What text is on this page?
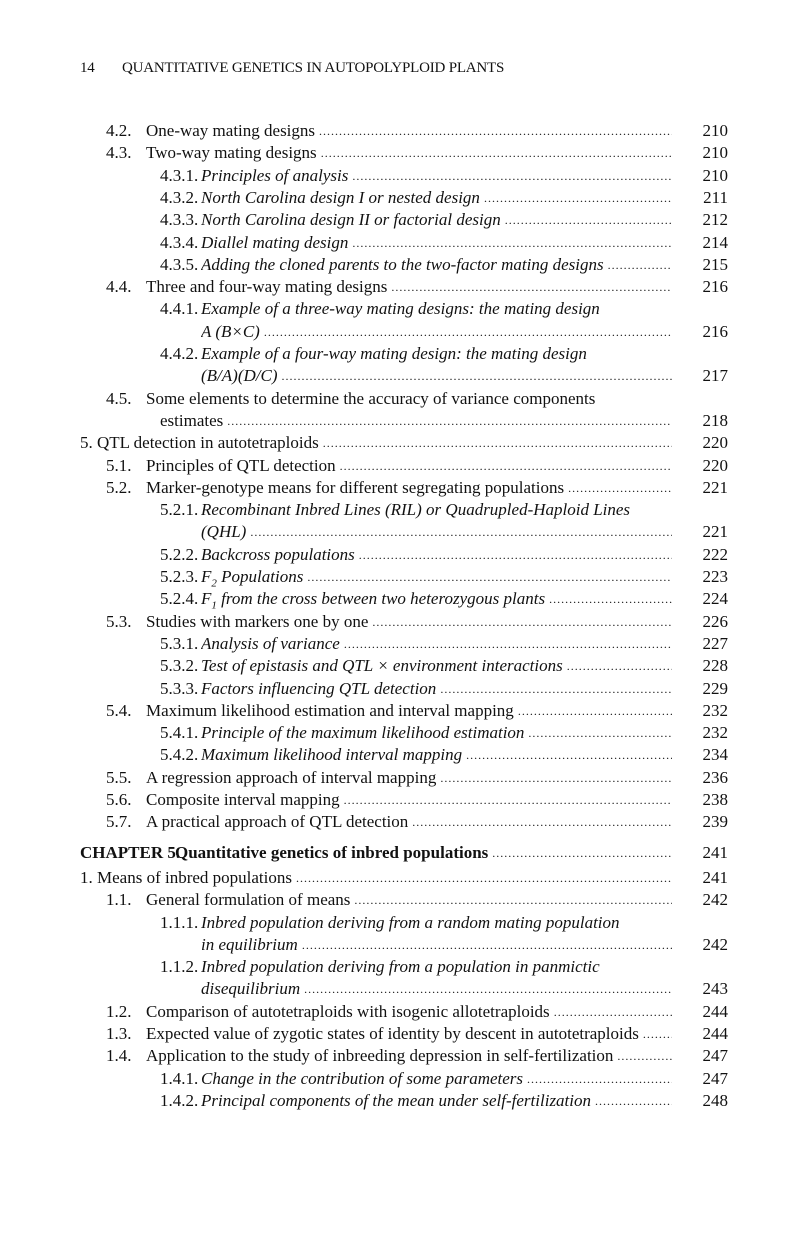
14 QUANTITATIVE GENETICS IN AUTOPOLYPLOID PLANTS
4.2. One-way mating designs .....	210
4.3. Two-way mating designs .....	210
4.3.1. Principles of analysis .....	210
4.3.2. North Carolina design I or nested design .....	211
4.3.3. North Carolina design II or factorial design .....	212
4.3.4. Diallel mating design .....	214
4.3.5. Adding the cloned parents to the two-factor mating designs .....	215
4.4. Three and four-way mating designs .....	216
4.4.1. Example of a three-way mating designs: the mating design
A (B×C) .....	216
4.4.2. Example of a four-way mating design: the mating design
(B/A)(D/C) .....	217
4.5. Some elements to determine the accuracy of variance components
estimates .....	218
5. QTL detection in autotetraploids .....	220
5.1. Principles of QTL detection .....	220
5.2. Marker-genotype means for different segregating populations .....	221
5.2.1. Recombinant Inbred Lines (RIL) or Quadrupled-Haploid Lines
(QHL) .....	221
5.2.2. Backcross populations .....	222
5.2.3. $F_2$ Populations .....	223
5.2.4. $F_1$ from the cross between two heterozygous plants .....	224
5.3. Studies with markers one by one .....	226
5.3.1. Analysis of variance .....	227
5.3.2. Test of epistasis and QTL × environment interactions .....	228
5.3.3. Factors influencing QTL detection .....	229
5.4. Maximum likelihood estimation and interval mapping .....	232
5.4.1. Principle of the maximum likelihood estimation .....	232
5.4.2. Maximum likelihood interval mapping .....	234
5.5. A regression approach of interval mapping .....	236
5.6. Composite interval mapping .....	238
5.7. A practical approach of QTL detection .....	239
CHAPTER 5.
Quantitative genetics of inbred populations .....	241
1. Means of inbred populations .....	241
1.1. General formulation of means .....	242
1.1.1. Inbred population deriving from a random mating population
in equilibrium .....	242
1.1.2. Inbred population deriving from a population in panmictic
disequilibrium .....	243
1.2. Comparison of autotetraploids with isogenic allotetraploids .....	244
1.3. Expected value of zygotic states of identity by descent in autotetraploids .....	244
1.4. Application to the study of inbreeding depression in self-fertilization .....	247
1.4.1. Change in the contribution of some parameters .....	247
1.4.2. Principal components of the mean under self-fertilization .....	248
